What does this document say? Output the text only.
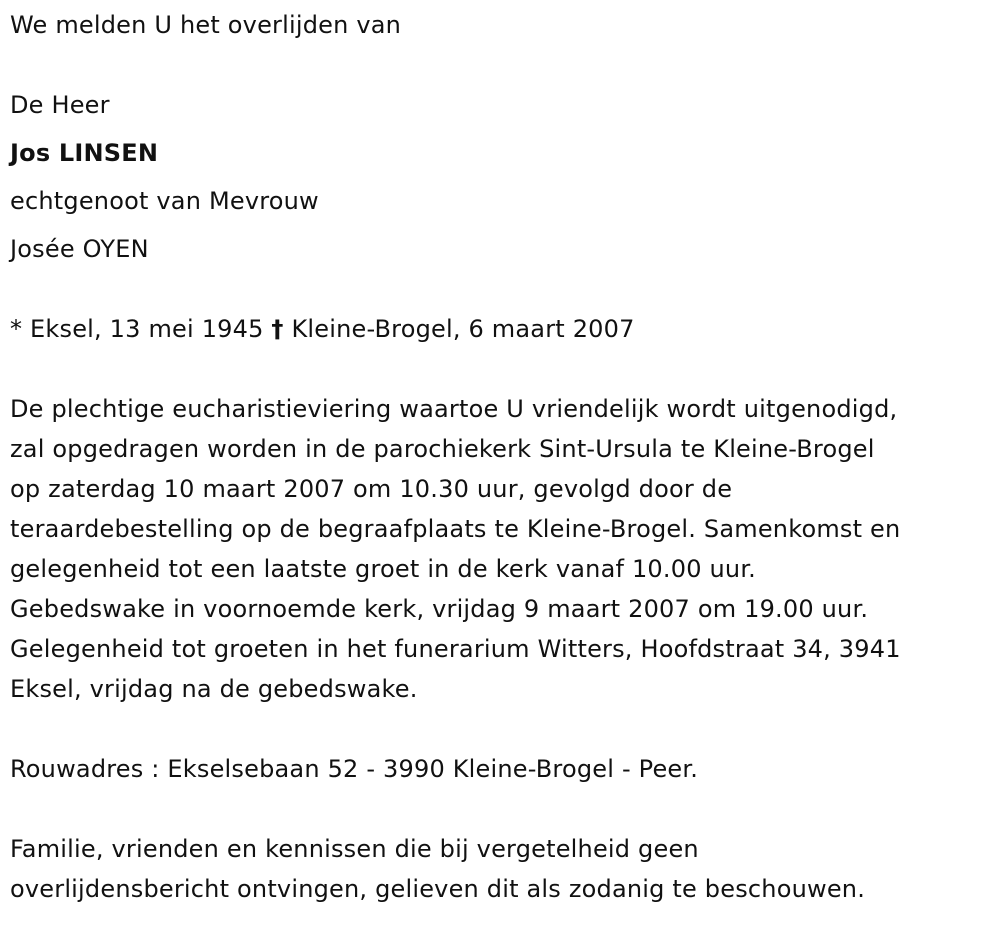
We melden U het overlijden van
De Heer
Jos LINSEN
echtgenoot van Mevrouw
Josée OYEN
* Eksel, 13 mei 1945 † Kleine-Brogel, 6 maart 2007
De plechtige eucharistieviering waartoe U vriendelijk wordt uitgenodigd,
zal opgedragen worden in de parochiekerk Sint-Ursula te Kleine-Brogel
op zaterdag 10 maart 2007 om 10.30 uur, gevolgd door de
teraardebestelling op de begraafplaats te Kleine-Brogel. Samenkomst en
gelegenheid tot een laatste groet in de kerk vanaf 10.00 uur.
Gebedswake in voornoemde kerk, vrijdag 9 maart 2007 om 19.00 uur.
Gelegenheid tot groeten in het funerarium Witters, Hoofdstraat 34, 3941
Eksel, vrijdag na de gebedswake.
Rouwadres : Ekselsebaan 52 - 3990 Kleine-Brogel - Peer.
Familie, vrienden en kennissen die bij vergetelheid geen
overlijdensbericht ontvingen, gelieven dit als zodanig te beschouwen.
